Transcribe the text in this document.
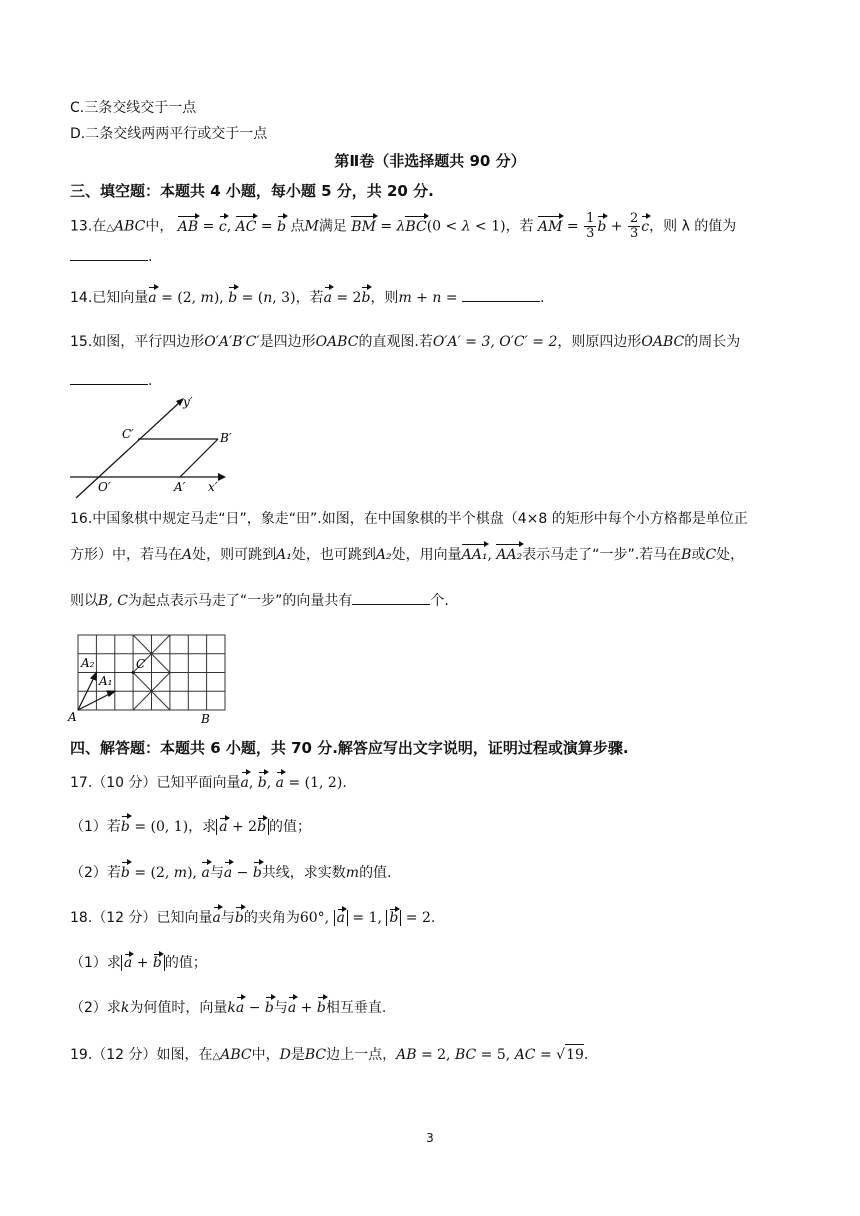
C.三条交线交于一点
D.二条交线两两平行或交于一点
第Ⅱ卷（非选择题共 90 分）
三、填空题：本题共 4 小题，每小题 5 分，共 20 分.
13.在△ABC中， AB = c, AC = b 点M满足 BM = λBC(0 < λ < 1)，若 AM = $\frac{1}{3}$ $b + \frac{2}{3}$ c，则 λ 的值为
.
14.已知向量a = (2, m), b = (n, 3)，若a = 2b，则m + n =	.
15.如图，平行四边形O′A′B′C′是四边形OABC的直观图.若O′A′ = 3, O′C′ = 2，则原四边形OABC的周长为
.
y′
C′	B′
O′	A′ x′
16.中国象棋中规定马走“日”，象走“田”.如图，在中国象棋的半个棋盘（4×8 的矩形中每个小方格都是单位正
方形）中，若马在A处，则可跳到A₁处，也可跳到A₂处，用向量AA₁, AA₂表示马走了“一步”.若马在B或C处，
则以B, C为起点表示马走了“一步”的向量共有	个.
A₂
A₁
A
C
B
四、解答题：本题共 6 小题，共 70 分.解答应写出文字说明，证明过程或演算步骤.
17.（10 分）已知平面向量a, b, a = (1, 2).
（1）若b = (0, 1)，求 a + 2b 的值；
（2）若b = (2, m), a与a − b共线，求实数m的值.
18.（12 分）已知向量a与b的夹角为60°, a = 1, b = 2.
（1）求 a + b 的值；
（2）求k为何值时，向量ka − b与a + b相互垂直.
19.（12 分）如图，在△ABC中，D是BC边上一点，AB = 2, BC = 5, AC = √19.
3
